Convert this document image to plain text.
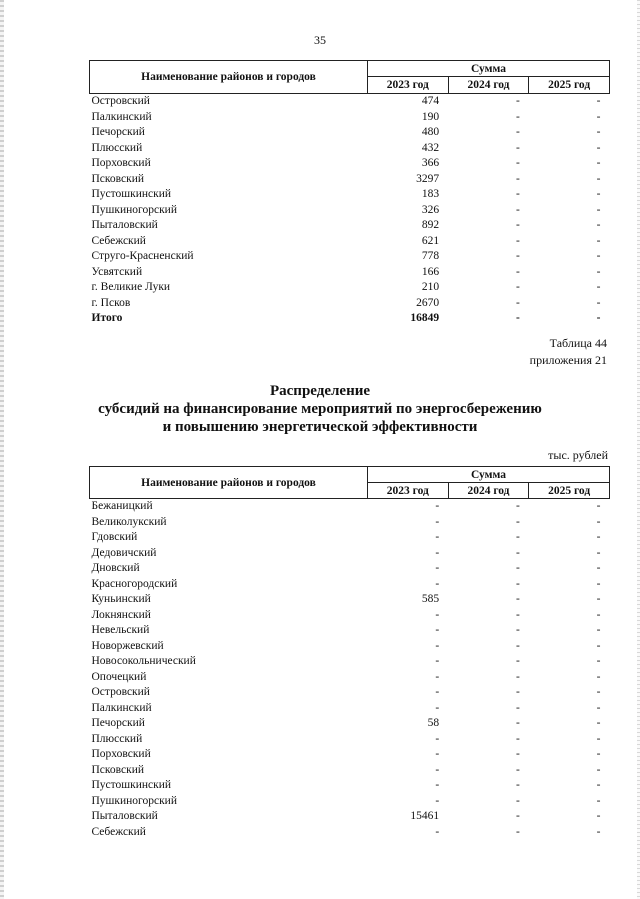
35
Наименование районов и городов	Сумма		
	2023 год	2024 год	2025 год
Островский	474	-	-
Палкинский	190	-	-
Печорский	480	-	-
Плюсский	432	-	-
Порховский	366	-	-
Псковский	3297	-	-
Пустошкинский	183	-	-
Пушкиногорский	326	-	-
Пыталовский	892	-	-
Себежский	621	-	-
Струго-Красненский	778	-	-
Усвятский	166	-	-
г. Великие Луки	210	-	-
г. Псков	2670	-	-
Итого	16849	-	-
Таблица 44
приложения 21
Распределение
субсидий на финансирование мероприятий по энергосбережению
и повышению энергетической эффективности
тыс. рублей
Наименование районов и городов	Сумма		
	2023 год	2024 год	2025 год
Бежаницкий	-	-	-
Великолукский	-	-	-
Гдовский	-	-	-
Дедовичский	-	-	-
Дновский	-	-	-
Красногородский	-	-	-
Куньинский	585	-	-
Локнянский	-	-	-
Невельский	-	-	-
Новоржевский	-	-	-
Новосокольнический	-	-	-
Опочецкий	-	-	-
Островский	-	-	-
Палкинский	-	-	-
Печорский	58	-	-
Плюсский	-	-	-
Порховский	-	-	-
Псковский	-	-	-
Пустошкинский	-	-	-
Пушкиногорский	-	-	-
Пыталовский	15461	-	-
Себежский	-	-	-
